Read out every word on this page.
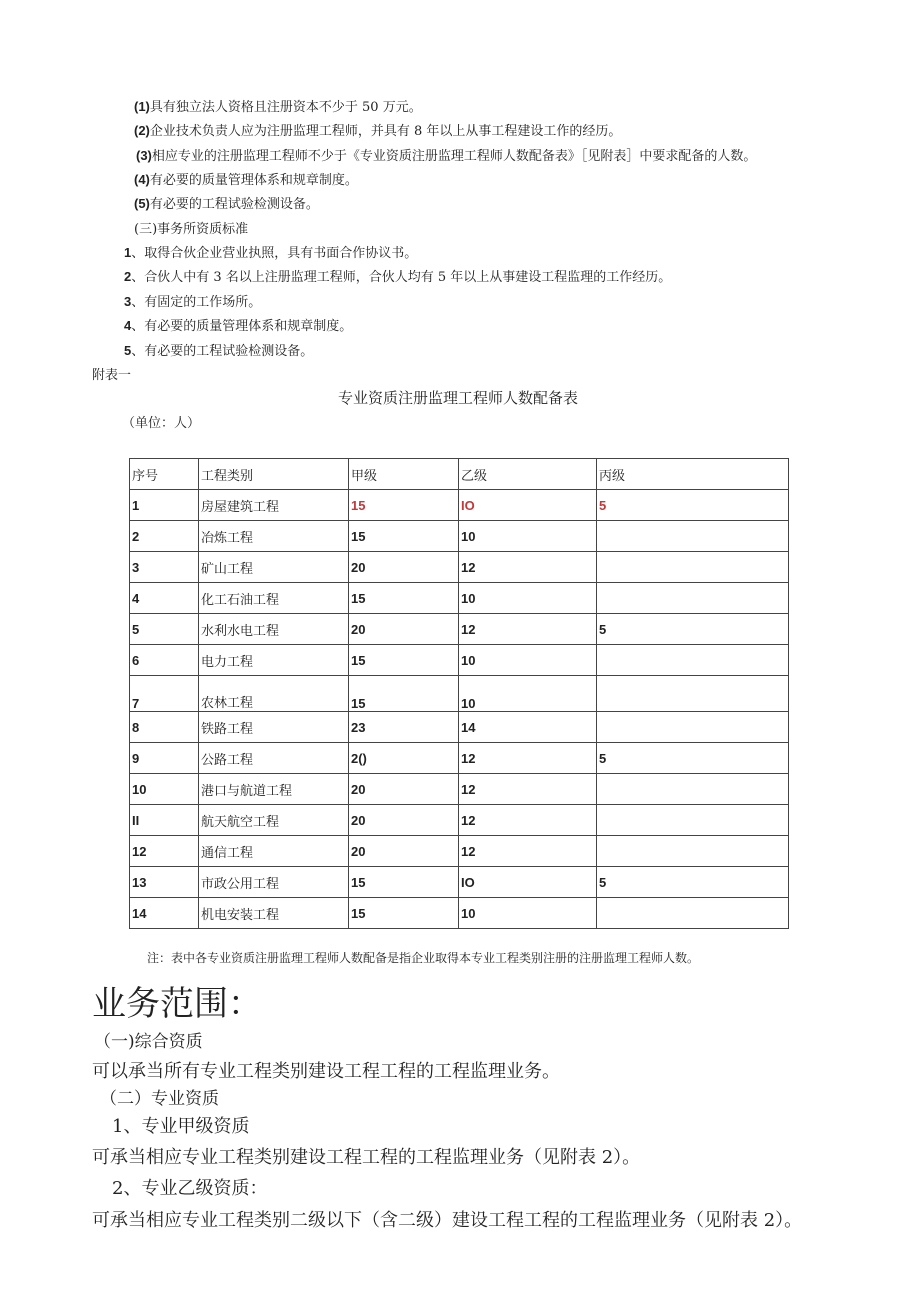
(1)具有独立法人资格且注册资本不少于 50 万元。
(2)企业技术负责人应为注册监理工程师，并具有 8 年以上从事工程建设工作的经历。
(3)相应专业的注册监理工程师不少于《专业资质注册监理工程师人数配备表》［见附表］中要求配备的人数。
(4)有必要的质量管理体系和规章制度。
(5)有必要的工程试验检测设备。
(三)事务所资质标准
1、取得合伙企业营业执照，具有书面合作协议书。
2、合伙人中有 3 名以上注册监理工程师，合伙人均有 5 年以上从事建设工程监理的工作经历。
3、有固定的工作场所。
4、有必要的质量管理体系和规章制度。
5、有必要的工程试验检测设备。
附表一
专业资质注册监理工程师人数配备表
（单位：人）
序号	工程类别	甲级	乙级	丙级
1	房屋建筑工程	15	IO	5
2	冶炼工程	15	10	
3	矿山工程	20	12	
4	化工石油工程	15	10	
5	水利水电工程	20	12	5
6	电力工程	15	10	
7	农林工程	15	10	
8	铁路工程	23	14	
9	公路工程	2()	12	5
10	港口与航道工程	20	12	
II	航天航空工程	20	12	
12	通信工程	20	12	
13	市政公用工程	15	IO	5
14	机电安装工程	15	10	
注：表中各专业资质注册监理工程师人数配备是指企业取得本专业工程类别注册的注册监理工程师人数。
业务范围：
（一)综合资质
可以承当所有专业工程类别建设工程工程的工程监理业务。
（二）专业资质
1、专业甲级资质
可承当相应专业工程类别建设工程工程的工程监理业务（见附表 2）。
2、专业乙级资质：
可承当相应专业工程类别二级以下（含二级）建设工程工程的工程监理业务（见附表 2）。
